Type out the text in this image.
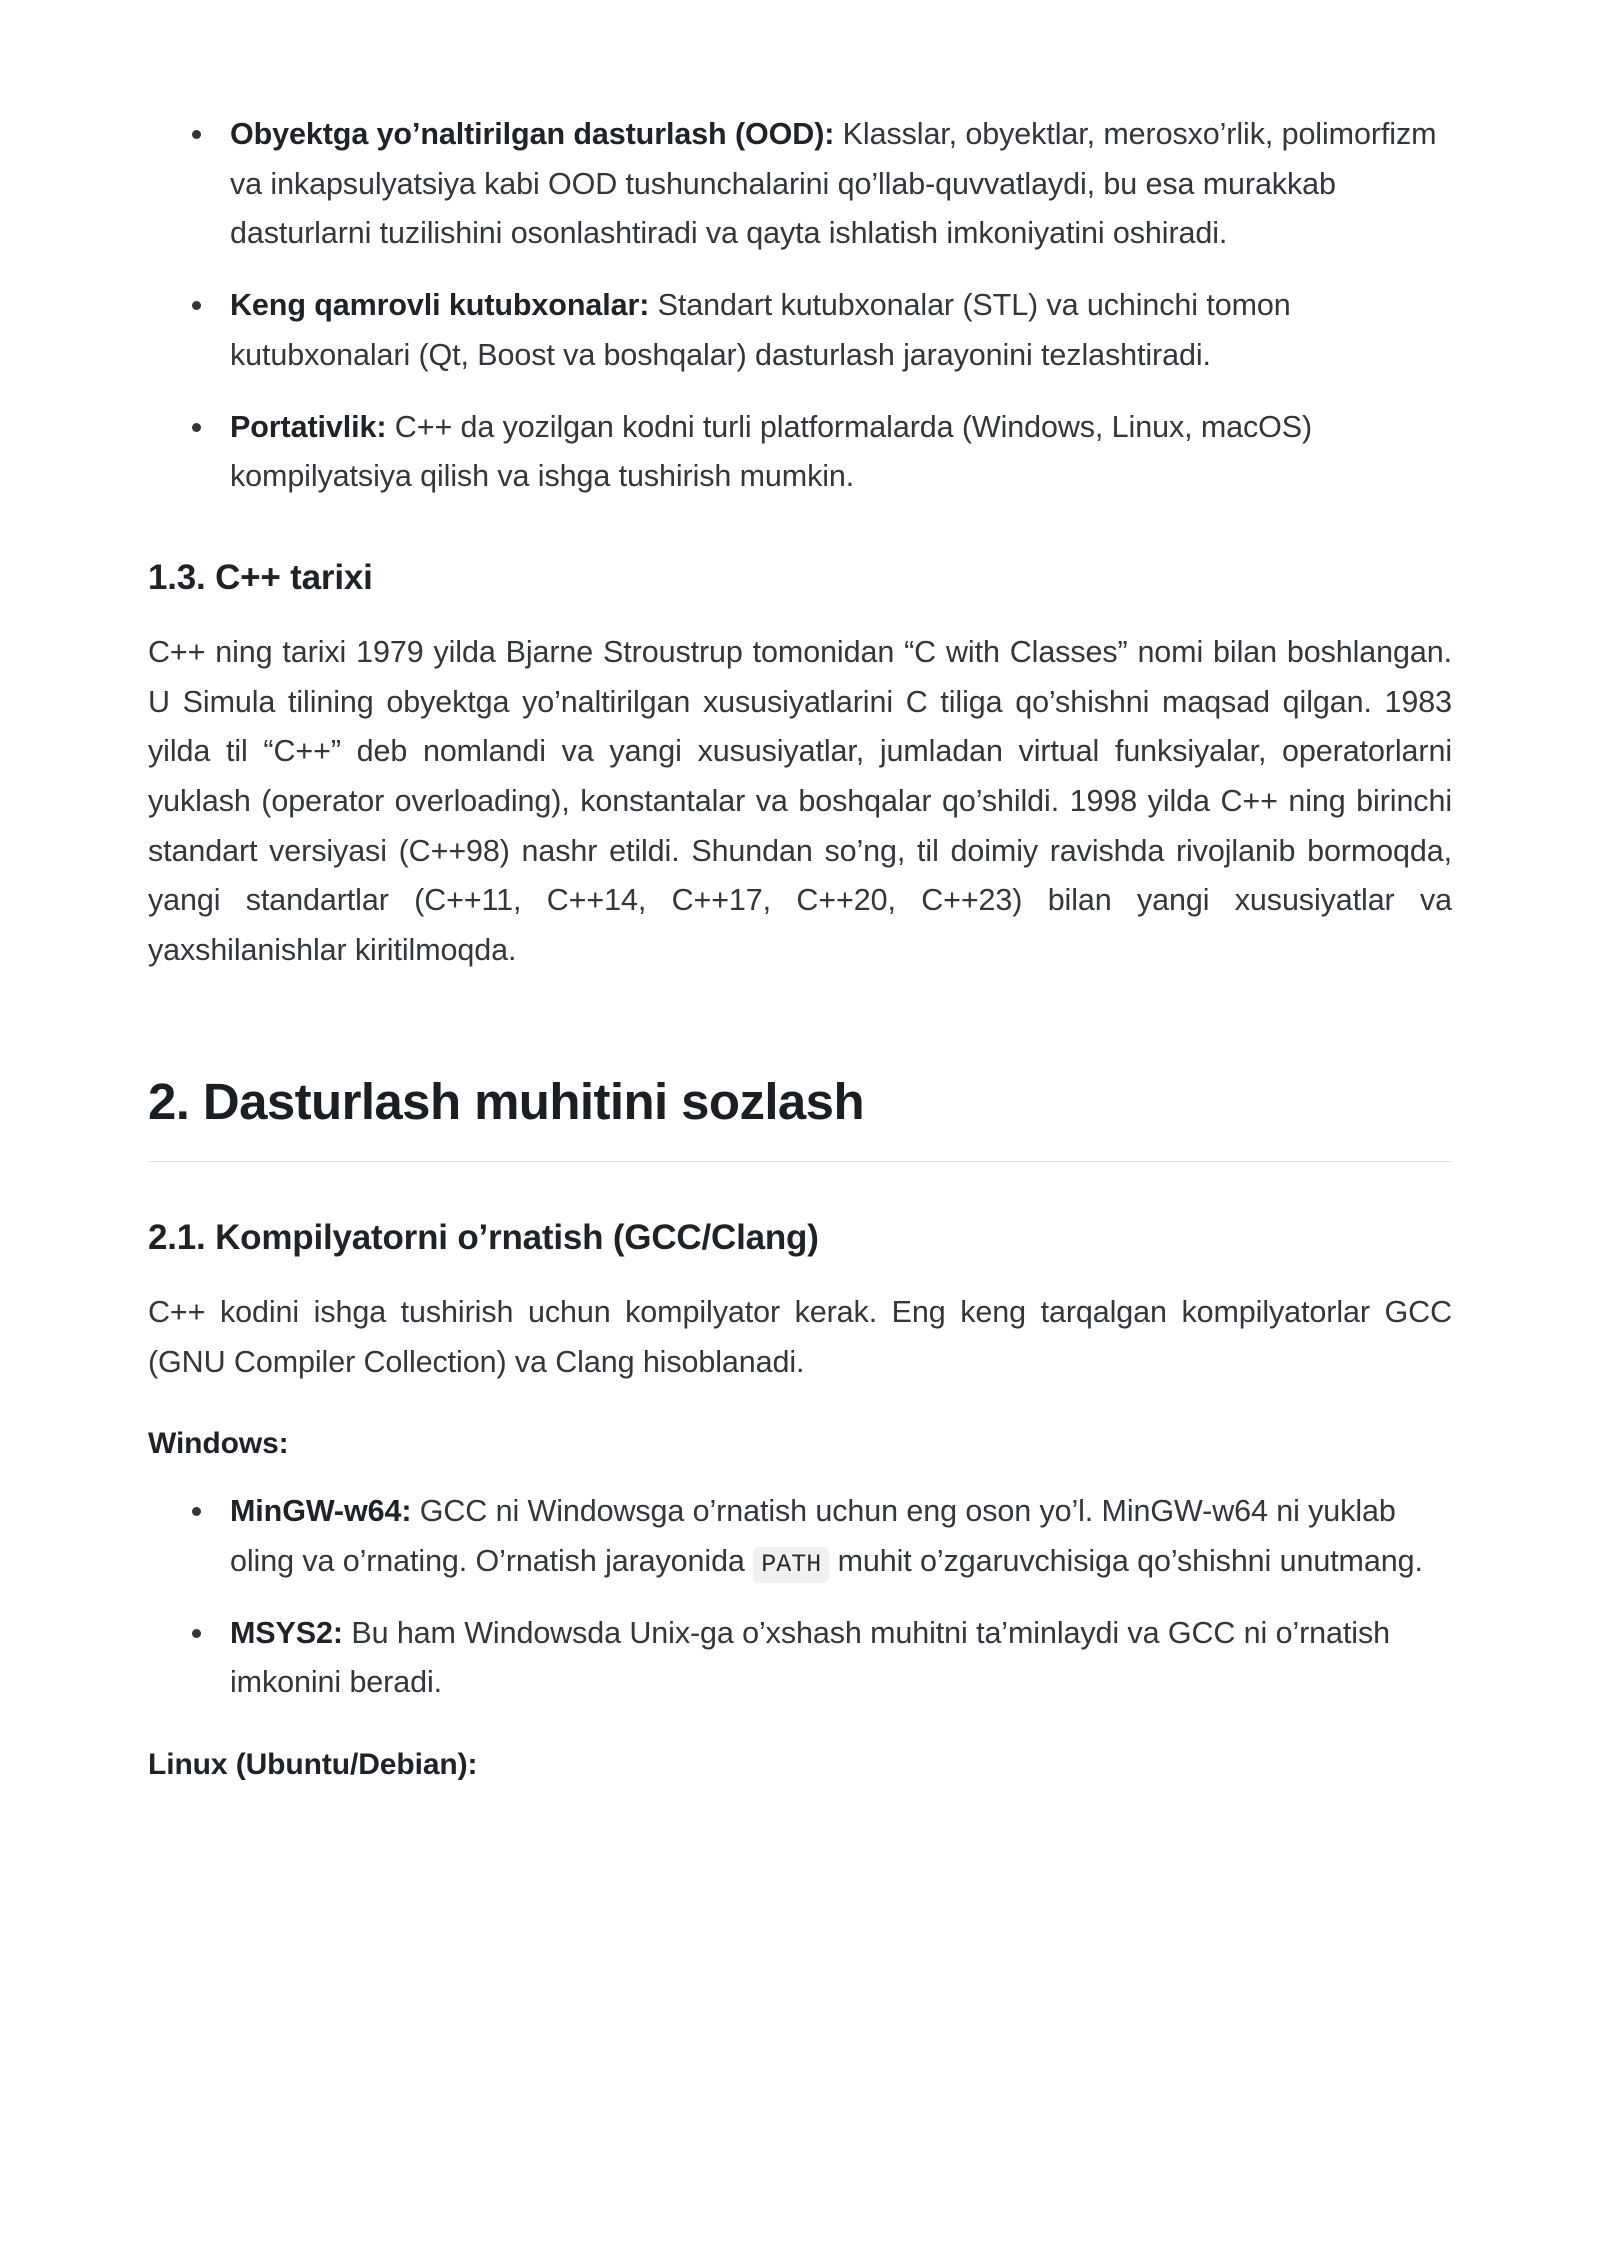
Obyektga yo’naltirilgan dasturlash (OOD): Klasslar, obyektlar, merosxo’rlik, polimorfizm va inkapsulyatsiya kabi OOD tushunchalarini qo’llab-quvvatlaydi, bu esa murakkab dasturlarni tuzilishini osonlashtiradi va qayta ishlatish imkoniyatini oshiradi.
Keng qamrovli kutubxonalar: Standart kutubxonalar (STL) va uchinchi tomon kutubxonalari (Qt, Boost va boshqalar) dasturlash jarayonini tezlashtiradi.
Portativlik: C++ da yozilgan kodni turli platformalarda (Windows, Linux, macOS) kompilyatsiya qilish va ishga tushirish mumkin.
1.3. C++ tarixi

C++ ning tarixi 1979 yilda Bjarne Stroustrup tomonidan “C with Classes” nomi bilan boshlangan. U Simula tilining obyektga yo’naltirilgan xususiyatlarini C tiliga qo’shishni maqsad qilgan. 1983 yilda til “C++” deb nomlandi va yangi xususiyatlar, jumladan virtual funksiyalar, operatorlarni yuklash (operator overloading), konstantalar va boshqalar qo’shildi. 1998 yilda C++ ning birinchi standart versiyasi (C++98) nashr etildi. Shundan so’ng, til doimiy ravishda rivojlanib bormoqda, yangi standartlar (C++11, C++14, C++17, C++20, C++23) bilan yangi xususiyatlar va yaxshilanishlar kiritilmoqda.

2. Dasturlash muhitini sozlash
2.1. Kompilyatorni o’rnatish (GCC/Clang)

C++ kodini ishga tushirish uchun kompilyator kerak. Eng keng tarqalgan kompilyatorlar GCC (GNU Compiler Collection) va Clang hisoblanadi.

Windows:

MinGW-w64: GCC ni Windowsga o’rnatish uchun eng oson yo’l. MinGW-w64 ni yuklab oling va o’rnating. O’rnatish jarayonida PATH muhit o’zgaruvchisiga qo’shishni unutmang.
MSYS2: Bu ham Windowsda Unix-ga o’xshash muhitni ta’minlaydi va GCC ni o’rnatish imkonini beradi.

Linux (Ubuntu/Debian):
